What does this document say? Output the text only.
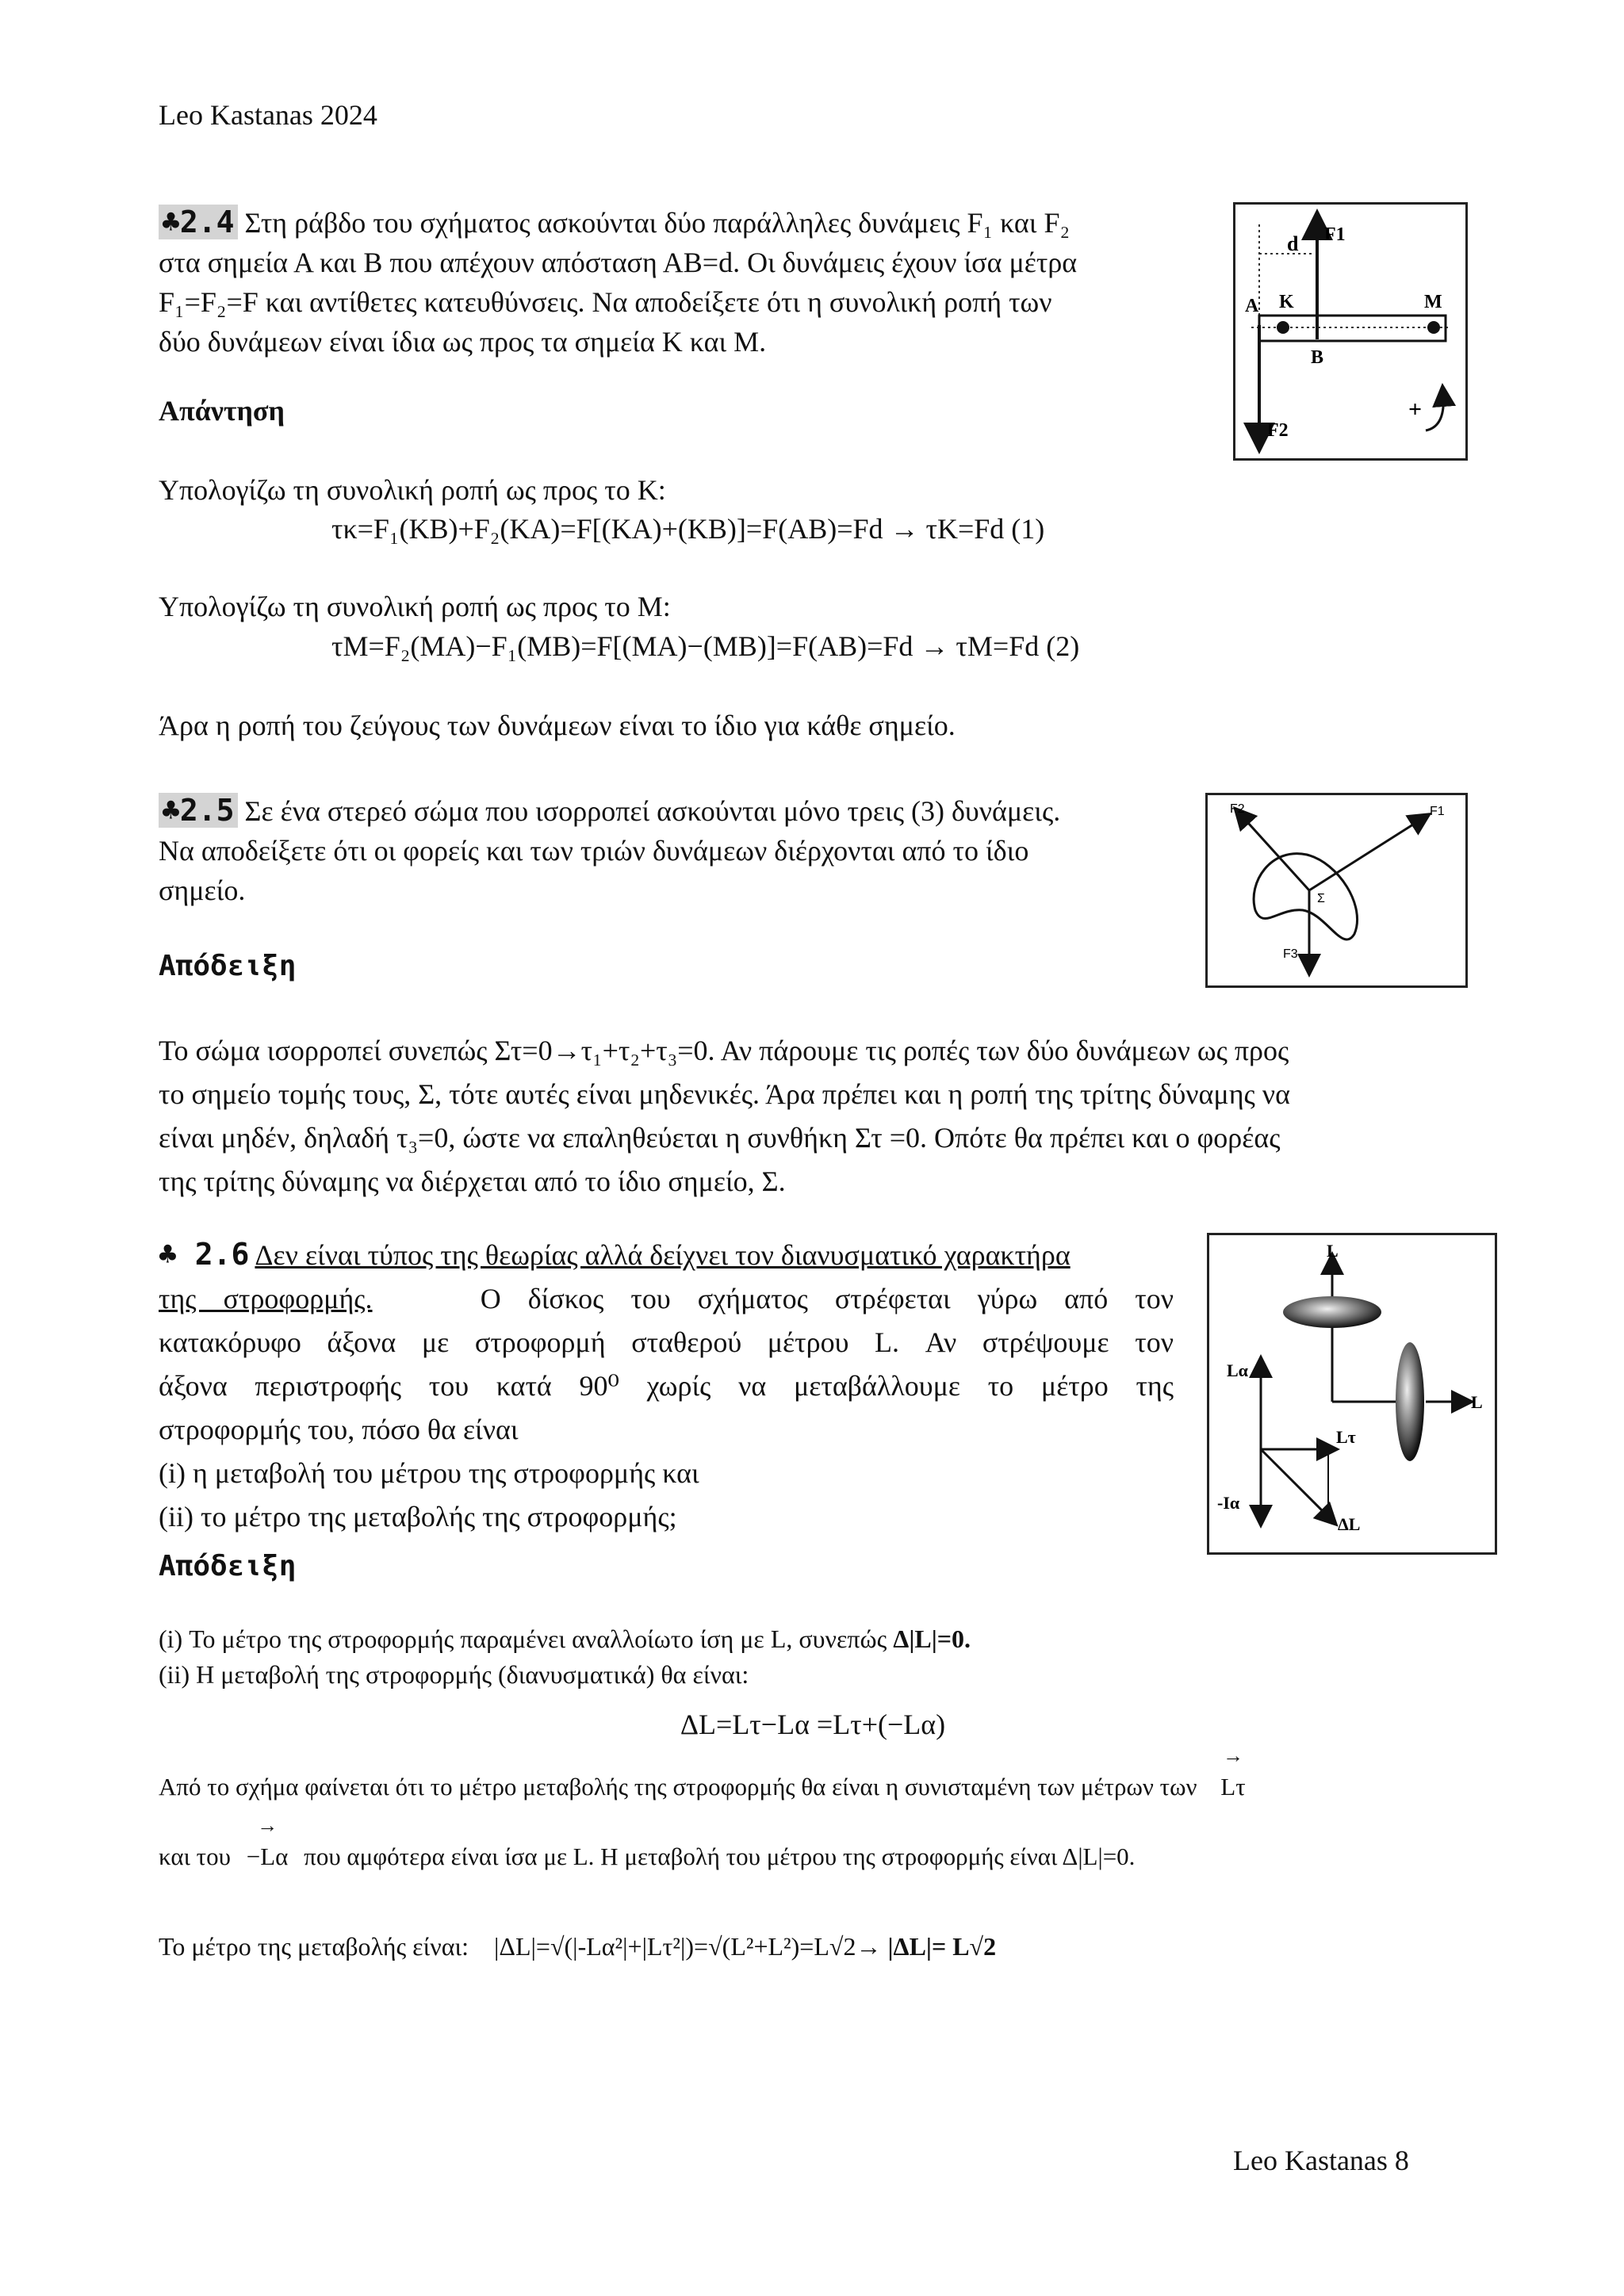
Leo Kastanas 2024
♣2.4 Στη ράβδο του σχήματος ασκούνται δύο παράλληλες δυνάμεις F₁ και F₂
στα σημεία Α και Β που απέχουν απόσταση ΑΒ=d. Οι δυνάμεις έχουν ίσα μέτρα
F₁=F₂=F και αντίθετες κατευθύνσεις. Να αποδείξετε ότι η συνολική ροπή των
δύο δυνάμεων είναι ίδια ως προς τα σημεία K και Μ.
Απάντηση
Υπολογίζω τη συνολική ροπή ως προς το Κ:
τκ=F₁(KB)+F₂(KA)=F[(KA)+(KB)]=F(AB)=Fd → τK=Fd (1)
Υπολογίζω τη συνολική ροπή ως προς το Μ:
τM=F₂(MA)−F₁(MB)=F[(MA)−(MB)]=F(AB)=Fd → τM=Fd (2)
Άρα η ροπή του ζεύγους των δυνάμεων είναι το ίδιο για κάθε σημείο.
d F1
A K	M
B
F2
+
♣2.5 Σε ένα στερεό σώμα που ισορροπεί ασκούνται μόνο τρεις (3) δυνάμεις.
Να αποδείξετε ότι οι φορείς και των τριών δυνάμεων διέρχονται από το ίδιο
σημείο.
Απόδειξη
Το σώμα ισορροπεί συνεπώς Στ=0→τ₁+τ₂+τ₃=0. Αν πάρουμε τις ροπές των δύο δυνάμεων ως προς
το σημείο τομής τους, Σ, τότε αυτές είναι μηδενικές. Άρα πρέπει και η ροπή της τρίτης δύναμης να
είναι μηδέν, δηλαδή τ₃=0, ώστε να επαληθεύεται η συνθήκη Στ =0. Οπότε θα πρέπει και ο φορέας
της τρίτης δύναμης να διέρχεται από το ίδιο σημείο, Σ.
F2	F1
F3
Σ
♣ 2.6 Δεν είναι τύπος της θεωρίας αλλά δείχνει τον διανυσματικό χαρακτήρα
της στροφορμής.	Ο δίσκος του σχήματος στρέφεται γύρω από τον
κατακόρυφο άξονα με στροφορμή σταθερού μέτρου L. Αν στρέψουμε τον
άξονα περιστροφής του κατά 90⁰ χωρίς να μεταβάλλουμε το μέτρο της
στροφορμής του, πόσο θα είναι
(i) η μεταβολή του μέτρου της στροφορμής και
(ii) το μέτρο της μεταβολής της στροφορμής;
L
Lα
L
Lτ
-Iα
ΔL
Απόδειξη
(i) Το μέτρο της στροφορμής παραμένει αναλλοίωτο ίση με L, συνεπώς Δ|L|=0.
(ii) Η μεταβολή της στροφορμής (διανυσματικά) θα είναι:
ΔL=Lτ−Lα =Lτ+(−Lα)
Από το σχήμα φαίνεται ότι το μέτρο μεταβολής της στροφορμής θα είναι η συνισταμένη των μέτρων των → Lτ
και του → −Lα που αμφότερα είναι ίσα με L. Η μεταβολή του μέτρου της στροφορμής είναι Δ|L|=0.
Το μέτρο της μεταβολής είναι: |ΔL|=√(|-Lα²|+|Lτ²|)=√(L²+L²)=L√2→ |ΔL|= L√2
Leo Kastanas 8
